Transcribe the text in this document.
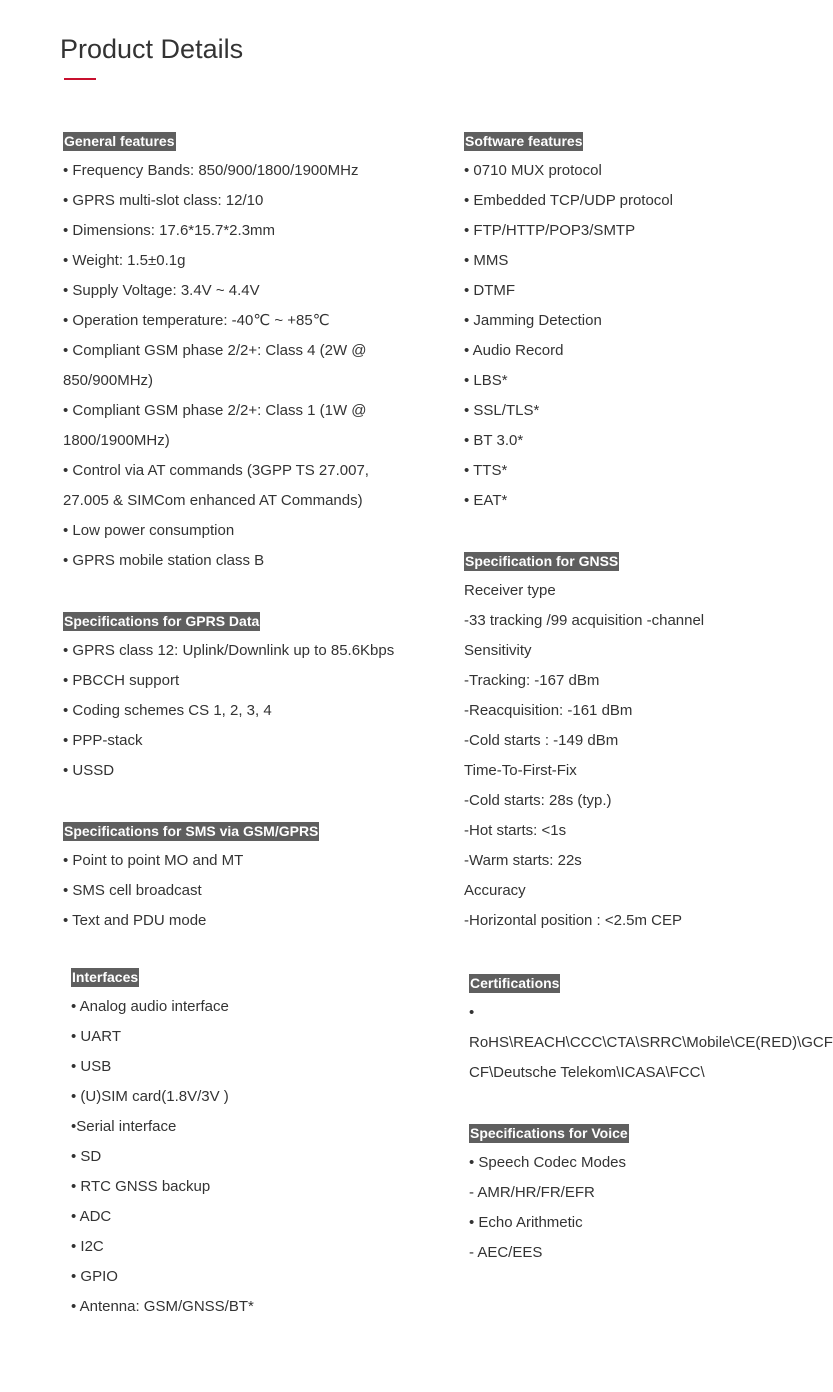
Product Details
General features
• Frequency Bands: 850/900/1800/1900MHz
• GPRS multi-slot class: 12/10
• Dimensions: 17.6*15.7*2.3mm
• Weight: 1.5±0.1g
• Supply Voltage: 3.4V ~ 4.4V
• Operation temperature: -40℃ ~ +85℃
• Compliant GSM phase 2/2+: Class 4 (2W @
850/900MHz)
• Compliant GSM phase 2/2+: Class 1 (1W @
1800/1900MHz)
• Control via AT commands (3GPP TS 27.007,
27.005 & SIMCom enhanced AT Commands)
• Low power consumption
• GPRS mobile station class B
Specifications for GPRS Data
• GPRS class 12: Uplink/Downlink up to 85.6Kbps
• PBCCH support
• Coding schemes CS 1, 2, 3, 4
• PPP-stack
• USSD
Specifications for SMS via GSM/GPRS
• Point to point MO and MT
• SMS cell broadcast
• Text and PDU mode
Interfaces
• Analog audio interface
• UART
• USB
• (U)SIM card(1.8V/3V )
•Serial interface
• SD
• RTC GNSS backup
• ADC
• I2C
• GPIO
• Antenna: GSM/GNSS/BT*
Software features
• 0710 MUX protocol
• Embedded TCP/UDP protocol
• FTP/HTTP/POP3/SMTP
• MMS
• DTMF
• Jamming Detection
• Audio Record
• LBS*
• SSL/TLS*
• BT 3.0*
• TTS*
• EAT*
Specification for GNSS
Receiver type
-33 tracking /99 acquisition -channel
Sensitivity
-Tracking: -167 dBm
-Reacquisition: -161 dBm
-Cold starts : -149 dBm
Time-To-First-Fix
-Cold starts: 28s (typ.)
-Hot starts: <1s
-Warm starts: 22s
Accuracy
-Horizontal position : <2.5m CEP
Certifications
•
RoHS\REACH\CCC\CTA\SRRC\Mobile\CE(RED)\GCF
CF\Deutsche Telekom\ICASA\FCC\
Specifications for Voice
• Speech Codec Modes
- AMR/HR/FR/EFR
• Echo Arithmetic
- AEC/EES
